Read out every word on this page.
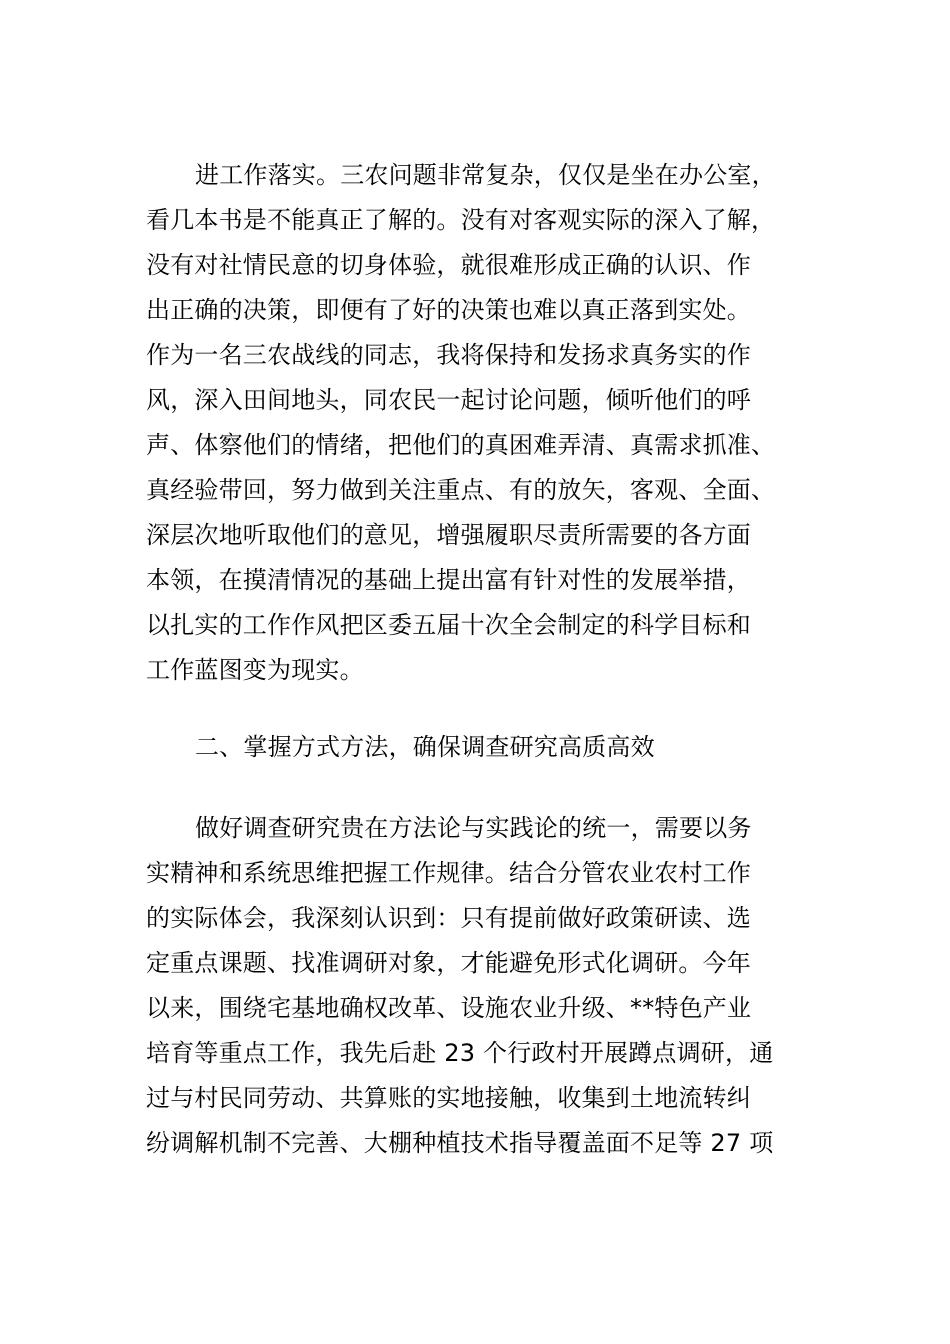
进工作落实。三农问题非常复杂，仅仅是坐在办公室，
看几本书是不能真正了解的。没有对客观实际的深入了解，
没有对社情民意的切身体验，就很难形成正确的认识、作
出正确的决策，即便有了好的决策也难以真正落到实处。
作为一名三农战线的同志，我将保持和发扬求真务实的作
风，深入田间地头，同农民一起讨论问题，倾听他们的呼
声、体察他们的情绪，把他们的真困难弄清、真需求抓准、
真经验带回，努力做到关注重点、有的放矢，客观、全面、
深层次地听取他们的意见，增强履职尽责所需要的各方面
本领，在摸清情况的基础上提出富有针对性的发展举措，
以扎实的工作作风把区委五届十次全会制定的科学目标和
工作蓝图变为现实。
二、掌握方式方法，确保调查研究高质高效
做好调查研究贵在方法论与实践论的统一，需要以务
实精神和系统思维把握工作规律。结合分管农业农村工作
的实际体会，我深刻认识到：只有提前做好政策研读、选
定重点课题、找准调研对象，才能避免形式化调研。今年
以来，围绕宅基地确权改革、设施农业升级、**特色产业
培育等重点工作，我先后赴 23 个行政村开展蹲点调研，通
过与村民同劳动、共算账的实地接触，收集到土地流转纠
纷调解机制不完善、大棚种植技术指导覆盖面不足等 27 项
